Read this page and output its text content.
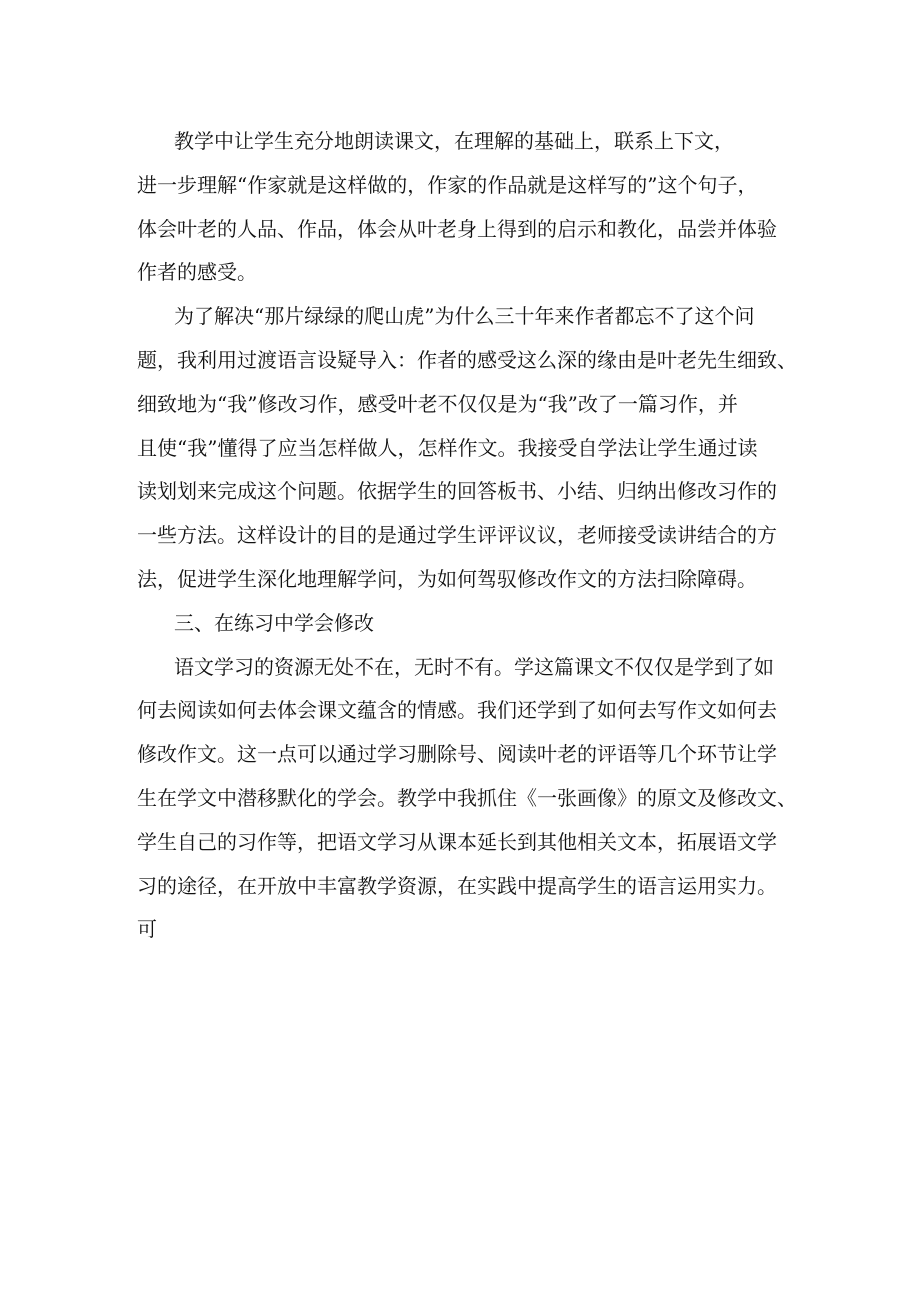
教学中让学生充分地朗读课文，在理解的基础上，联系上下文，
进一步理解“作家就是这样做的，作家的作品就是这样写的”这个句子，
体会叶老的人品、作品，体会从叶老身上得到的启示和教化，品尝并体验
作者的感受。
为了解决“那片绿绿的爬山虎”为什么三十年来作者都忘不了这个问
题，我利用过渡语言设疑导入：作者的感受这么深的缘由是叶老先生细致、
细致地为“我”修改习作，感受叶老不仅仅是为“我”改了一篇习作，并
且使“我”懂得了应当怎样做人，怎样作文。我接受自学法让学生通过读
读划划来完成这个问题。依据学生的回答板书、小结、归纳出修改习作的
一些方法。这样设计的目的是通过学生评评议议，老师接受读讲结合的方
法，促进学生深化地理解学问，为如何驾驭修改作文的方法扫除障碍。
三、在练习中学会修改
语文学习的资源无处不在，无时不有。学这篇课文不仅仅是学到了如
何去阅读如何去体会课文蕴含的情感。我们还学到了如何去写作文如何去
修改作文。这一点可以通过学习删除号、阅读叶老的评语等几个环节让学
生在学文中潜移默化的学会。教学中我抓住《一张画像》的原文及修改文、
学生自己的习作等，把语文学习从课本延长到其他相关文本，拓展语文学
习的途径，在开放中丰富教学资源，在实践中提高学生的语言运用实力。
可
